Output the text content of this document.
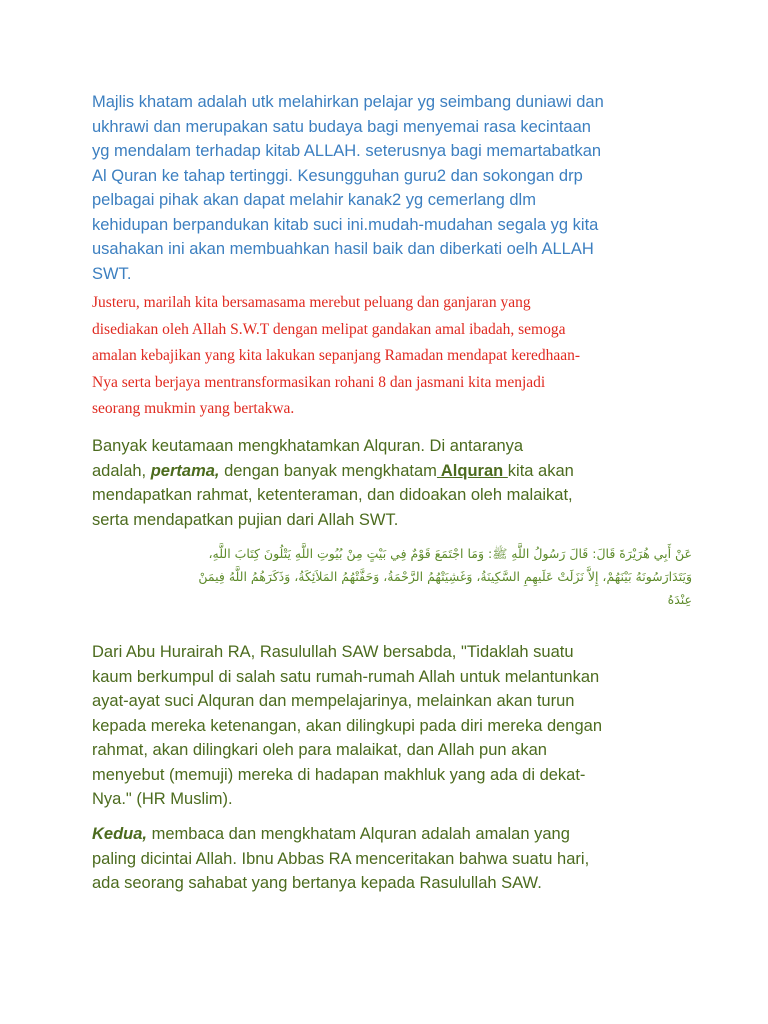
Majlis khatam adalah utk melahirkan pelajar yg seimbang duniawi dan
ukhrawi dan merupakan satu budaya bagi menyemai rasa kecintaan
yg mendalam terhadap kitab ALLAH. seterusnya bagi memartabatkan
Al Quran ke tahap tertinggi. Kesungguhan guru2 dan sokongan drp
pelbagai pihak akan dapat melahir kanak2 yg cemerlang dlm
kehidupan berpandukan kitab suci ini.mudah-mudahan segala yg kita
usahakan ini akan membuahkan hasil baik dan diberkati oelh ALLAH
SWT.

Justeru, marilah kita bersamasama merebut peluang dan ganjaran yang
disediakan oleh Allah S.W.T dengan melipat gandakan amal ibadah, semoga
amalan kebajikan yang kita lakukan sepanjang Ramadan mendapat keredhaan-
Nya serta berjaya mentransformasikan rohani 8 dan jasmani kita menjadi
seorang mukmin yang bertakwa.

Banyak keutamaan mengkhatamkan Alquran. Di antaranya
adalah, pertama, dengan banyak mengkhatam Alquran kita akan
mendapatkan rahmat, ketenteraman, dan didoakan oleh malaikat,
serta mendapatkan pujian dari Allah SWT.

عَنْ أَبِي هُرَيْرَةَ قَالَ: قَالَ رَسُولُ اللَّهِ ﷺ: وَمَا اجْتَمَعَ قَوْمٌ فِي بَيْتٍ مِنْ بُيُوتِ اللَّهِ يَتْلُونَ كِتَابَ اللَّهِ،
وَيَتَدَارَسُونَهُ بَيْنَهُمْ، إِلاَّ نَزَلَتْ عَلَيهِمِ السَّكِينَةُ، وَغَشِيَتْهُمُ الرَّحْمَةُ، وَحَفَّتْهُمُ المَلاَئِكَةُ، وَذَكَرَهُمُ اللَّهُ فِيمَنْ
عِنْدَهُ

Dari Abu Hurairah RA, Rasulullah SAW bersabda, "Tidaklah suatu
kaum berkumpul di salah satu rumah-rumah Allah untuk melantunkan
ayat-ayat suci Alquran dan mempelajarinya, melainkan akan turun
kepada mereka ketenangan, akan dilingkupi pada diri mereka dengan
rahmat, akan dilingkari oleh para malaikat, dan Allah pun akan
menyebut (memuji) mereka di hadapan makhluk yang ada di dekat-
Nya." (HR Muslim).

Kedua, membaca dan mengkhatam Alquran adalah amalan yang
paling dicintai Allah. Ibnu Abbas RA menceritakan bahwa suatu hari,
ada seorang sahabat yang bertanya kepada Rasulullah SAW.
